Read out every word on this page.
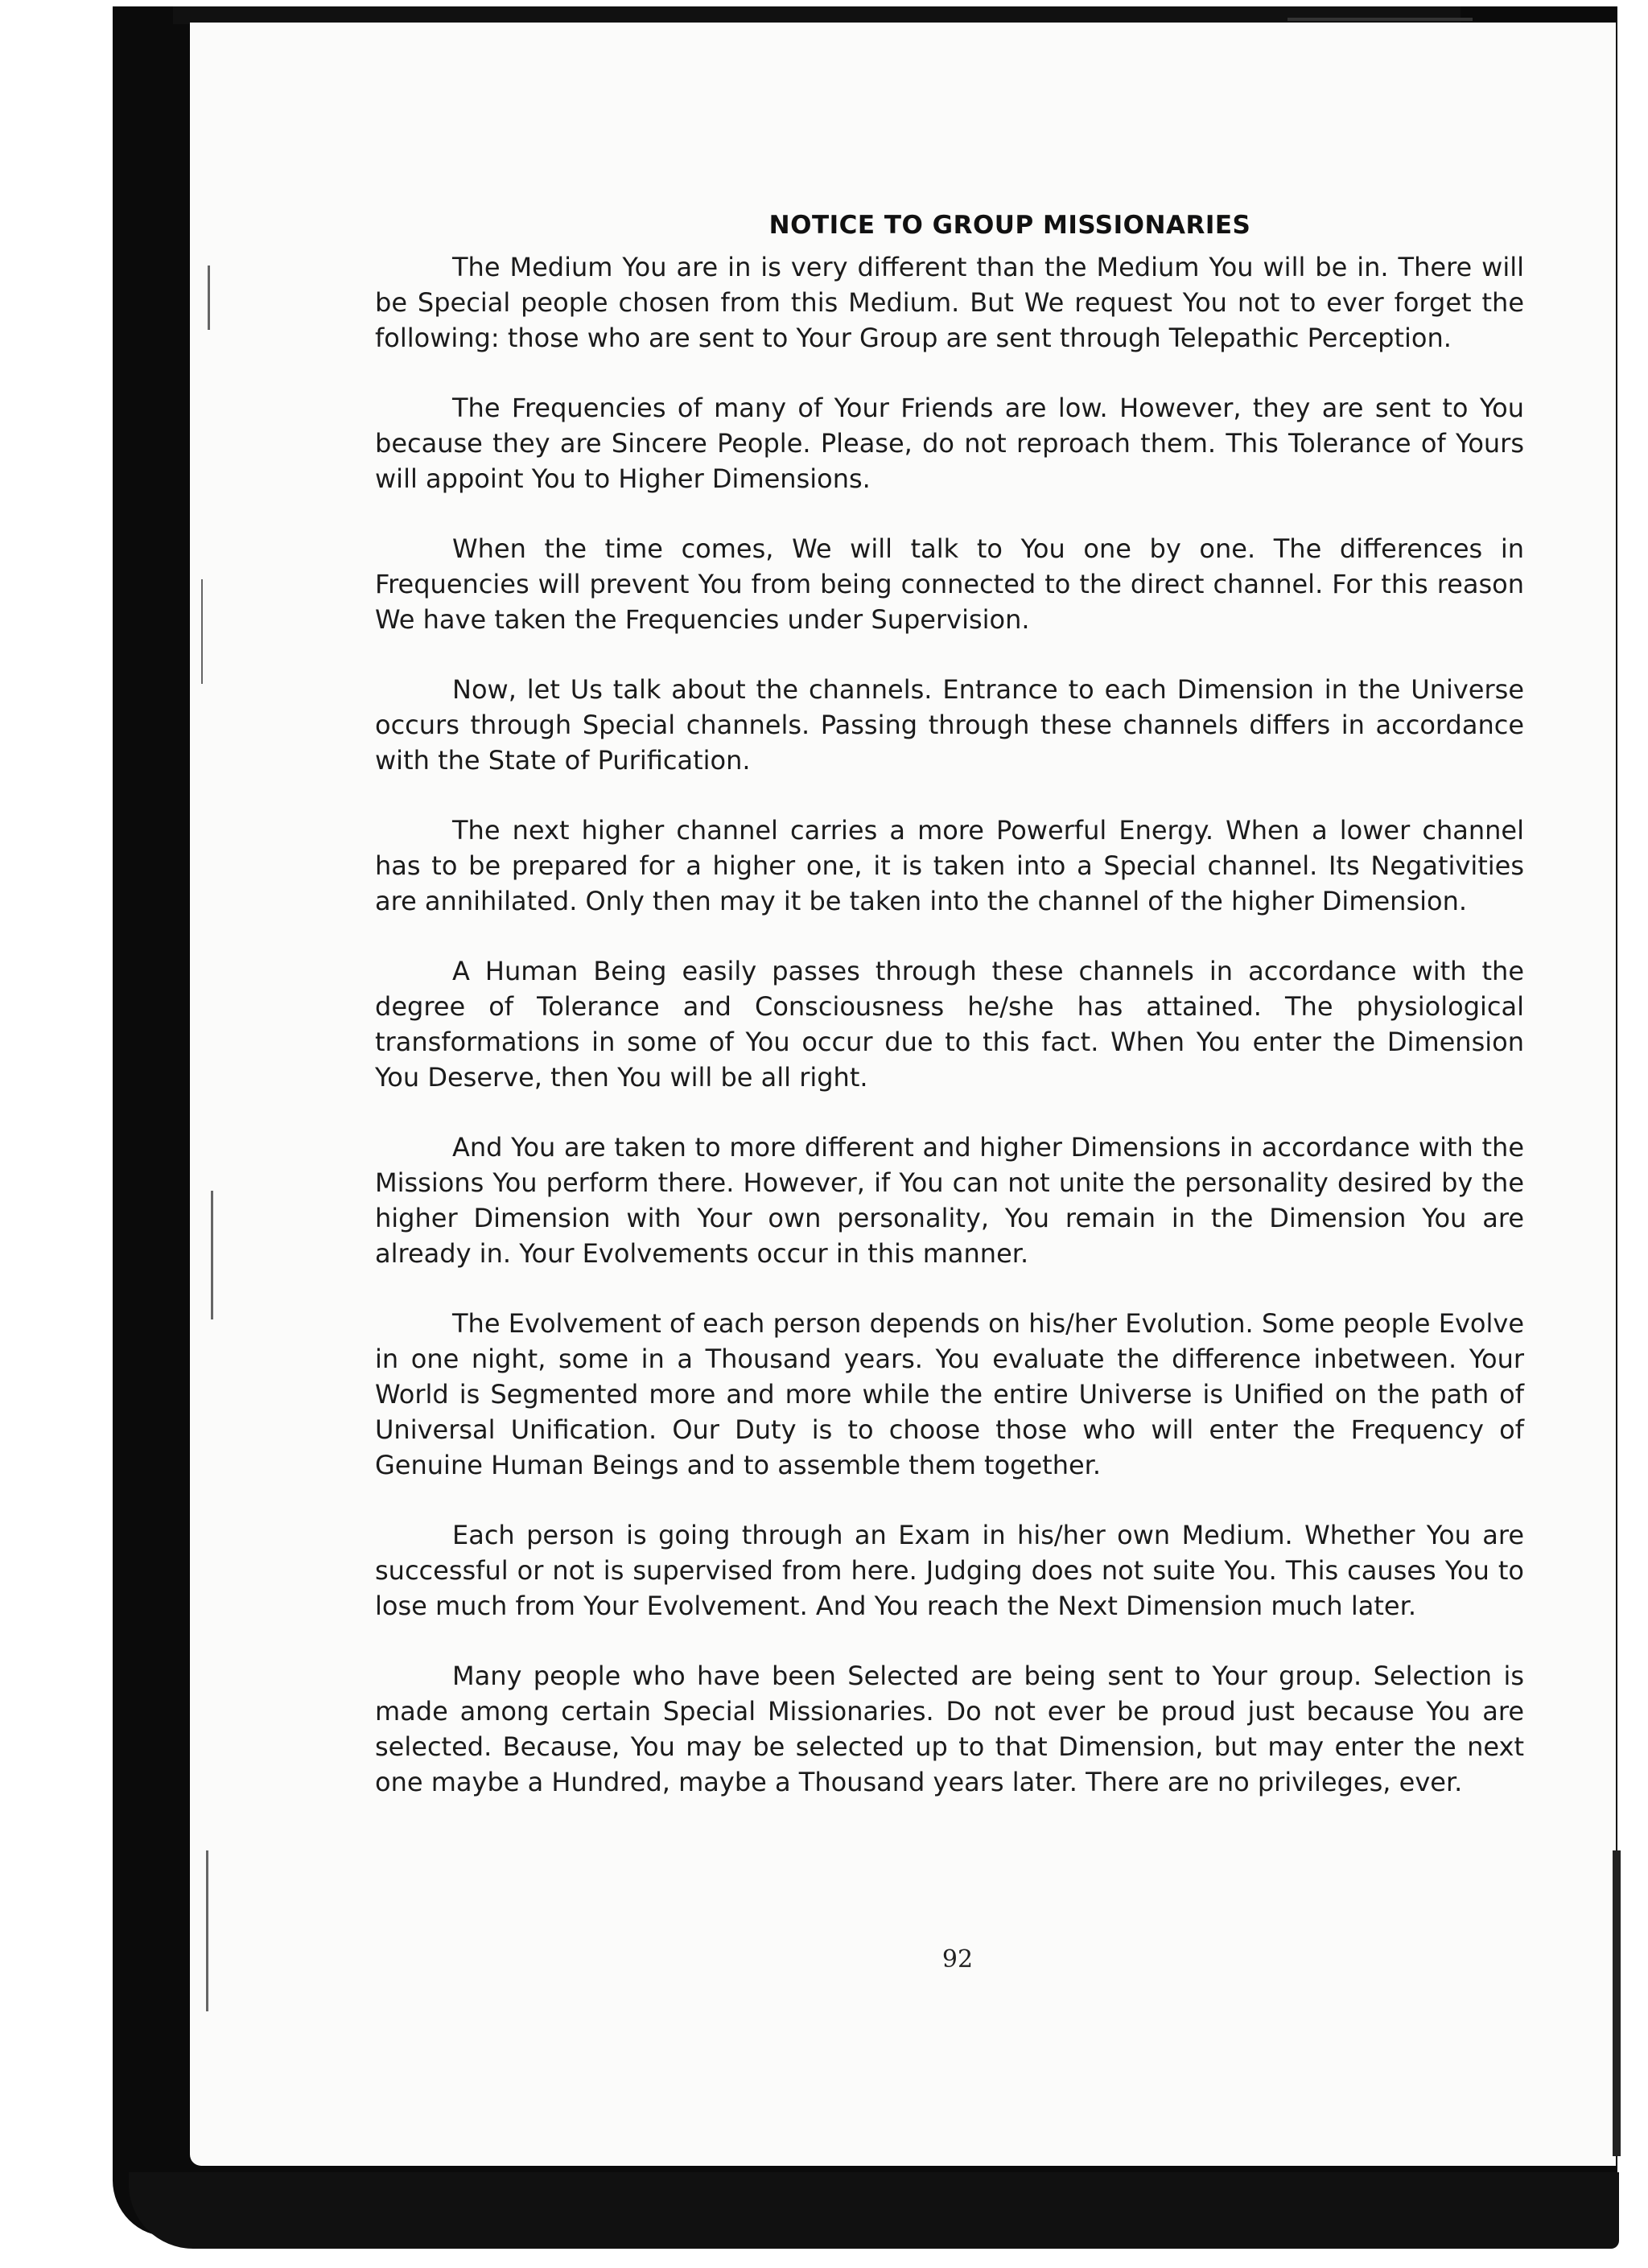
NOTICE TO GROUP MISSIONARIES

The Medium You are in is very different than the Medium You will be in. There will be Special people chosen from this Medium. But We request You not to ever forget the following: those who are sent to Your Group are sent through Telepathic Perception.

The Frequencies of many of Your Friends are low. However, they are sent to You because they are Sincere People. Please, do not reproach them. This Tolerance of Yours will appoint You to Higher Dimensions.

When the time comes, We will talk to You one by one. The differences in Frequencies will prevent You from being connected to the direct channel. For this reason We have taken the Frequencies under Supervision.

Now, let Us talk about the channels. Entrance to each Dimension in the Universe occurs through Special channels. Passing through these channels differs in accordance with the State of Purification.

The next higher channel carries a more Powerful Energy. When a lower channel has to be prepared for a higher one, it is taken into a Special channel. Its Negativities are annihilated. Only then may it be taken into the channel of the higher Dimension.

A Human Being easily passes through these channels in accordance with the degree of Tolerance and Consciousness he/she has attained. The physiological transformations in some of You occur due to this fact. When You enter the Dimension You Deserve, then You will be all right.

And You are taken to more different and higher Dimensions in accordance with the Missions You perform there. However, if You can not unite the personality desired by the higher Dimension with Your own personality, You remain in the Dimension You are already in. Your Evolvements occur in this manner.

The Evolvement of each person depends on his/her Evolution. Some people Evolve in one night, some in a Thousand years. You evaluate the difference inbetween. Your World is Segmented more and more while the entire Universe is Unified on the path of Universal Unification. Our Duty is to choose those who will enter the Frequency of Genuine Human Beings and to assemble them together.

Each person is going through an Exam in his/her own Medium. Whether You are successful or not is supervised from here. Judging does not suite You. This causes You to lose much from Your Evolvement. And You reach the Next Dimension much later.

Many people who have been Selected are being sent to Your group. Selection is made among certain Special Missionaries. Do not ever be proud just because You are selected. Because, You may be selected up to that Dimension, but may enter the next one maybe a Hundred, maybe a Thousand years later. There are no privileges, ever.

92
